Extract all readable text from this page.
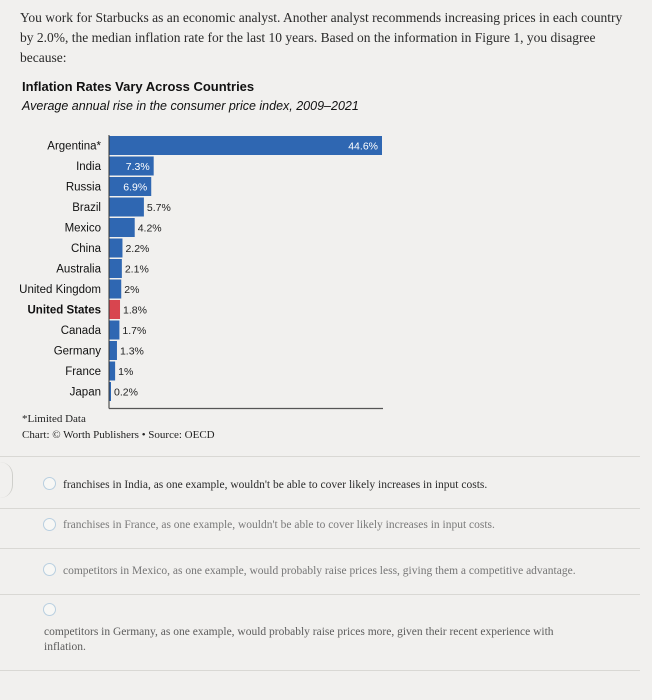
You work for Starbucks as an economic analyst. Another analyst recommends increasing prices in each country
by 2.0%, the median inflation rate for the last 10 years. Based on the information in Figure 1, you disagree
because:
Inflation Rates Vary Across Countries
Average annual rise in the consumer price index, 2009–2021
Argentina*	44.6%
India 7.3%
Russia 6.9%
Brazil	5.7%
Mexico	4.2%
China 2.2%
Australia 2.1%
United Kingdom 2%
United States 1.8%
Canada 1.7%
Germany 1.3%
France 1%
Japan 0.2%
*Limited Data
Chart: © Worth Publishers • Source: OECD
franchises in India, as one example, wouldn't be able to cover likely increases in input costs.
franchises in France, as one example, wouldn't be able to cover likely increases in input costs.
competitors in Mexico, as one example, would probably raise prices less, giving them a competitive advantage.
competitors in Germany, as one example, would probably raise prices more, given their recent experience with
inflation.
